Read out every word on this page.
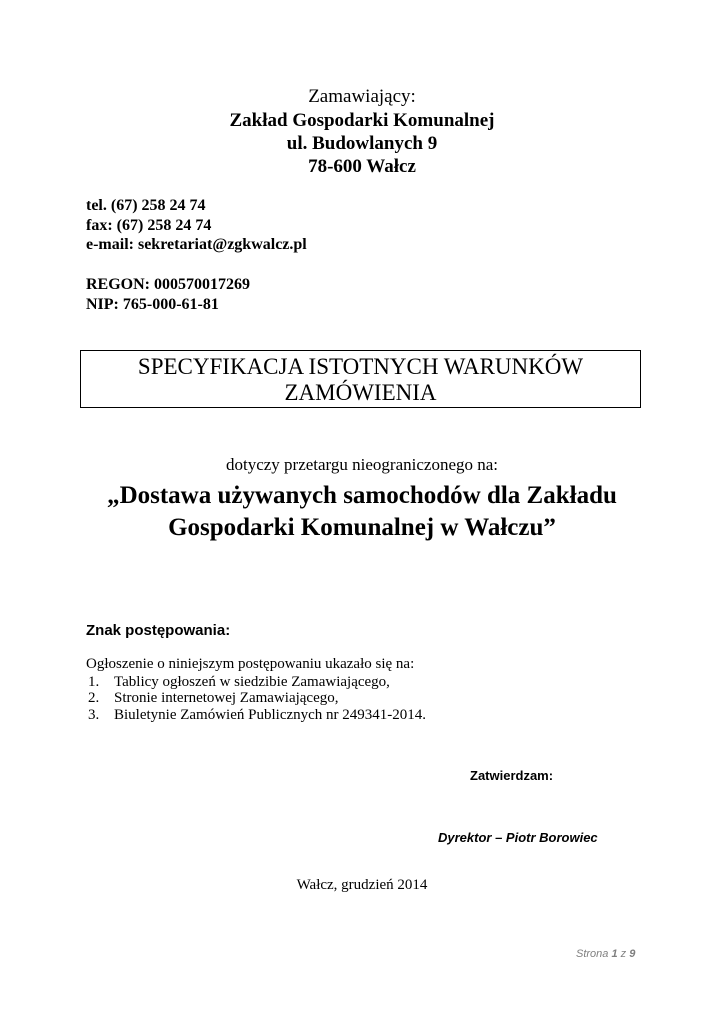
Zamawiający:
Zakład Gospodarki Komunalnej
ul. Budowlanych 9
78-600 Wałcz
tel. (67) 258 24 74
fax: (67) 258 24 74
e-mail: sekretariat@zgkwalcz.pl
REGON: 000570017269
NIP: 765-000-61-81
SPECYFIKACJA ISTOTNYCH WARUNKÓW
ZAMÓWIENIA
dotyczy przetargu nieograniczonego na:
„Dostawa używanych samochodów dla Zakładu
Gospodarki Komunalnej w Wałczu”
Znak postępowania:
Ogłoszenie o niniejszym postępowaniu ukazało się na:
1. Tablicy ogłoszeń w siedzibie Zamawiającego,
2. Stronie internetowej Zamawiającego,
3. Biuletynie Zamówień Publicznych nr 249341-2014.
Zatwierdzam:
Dyrektor – Piotr Borowiec
Wałcz, grudzień 2014
Strona 1 z 9
